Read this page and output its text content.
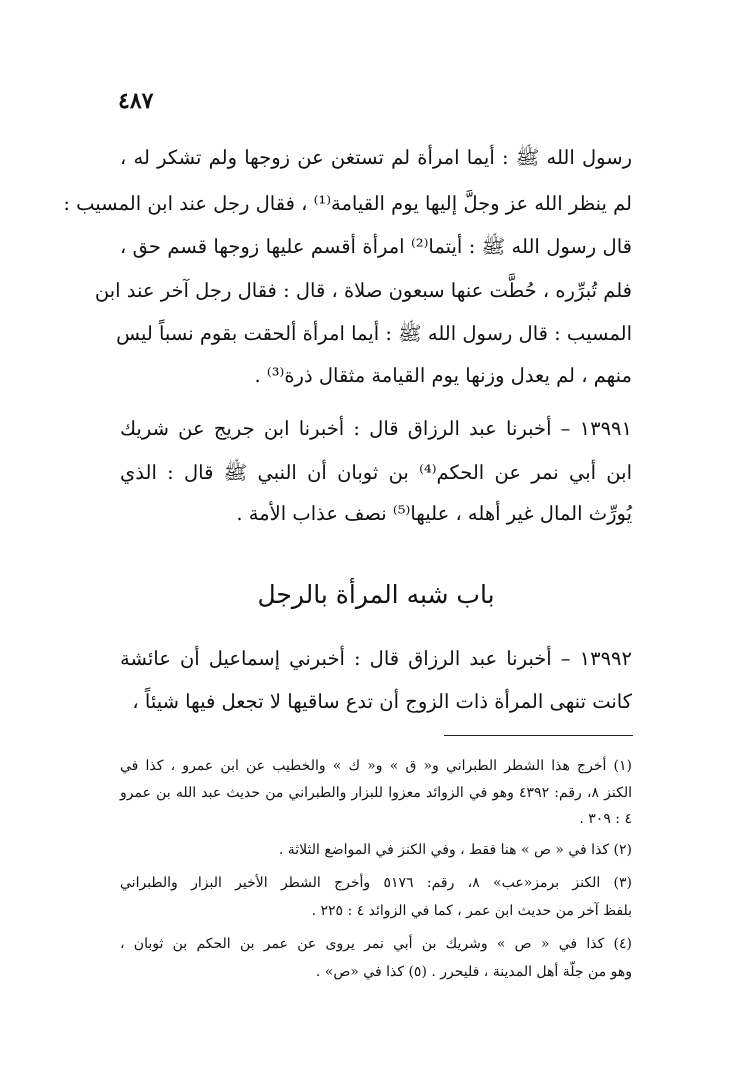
٤٨٧
رسول الله ﷺ : أيما امرأة لم تستغن عن زوجها ولم تشكر له ،
لم ينظر الله عز وجلَّ إليها يوم القيامة⁽¹⁾ ، فقال رجل عند ابن المسيب :
قال رسول الله ﷺ : أيتما⁽²⁾ امرأة أقسم عليها زوجها قسم حق ،
فلم تُبرِّره ، حُطَّت عنها سبعون صلاة ، قال : فقال رجل آخر عند ابن
المسيب : قال رسول الله ﷺ : أيما امرأة ألحقت بقوم نسباً ليس
منهم ، لم يعدل وزنها يوم القيامة مثقال ذرة⁽³⁾ .
١٣٩٩١ – أخبرنا عبد الرزاق قال : أخبرنا ابن جريج عن شريك
ابن أبي نمر عن الحكم⁽⁴⁾ بن ثوبان أن النبي ﷺ قال : الذي
يُورِّث المال غير أهله ، عليها⁽⁵⁾ نصف عذاب الأمة .
باب شبه المرأة بالرجل
١٣٩٩٢ – أخبرنا عبد الرزاق قال : أخبرني إسماعيل أن عائشة
كانت تنهى المرأة ذات الزوج أن تدع ساقيها لا تجعل فيها شيئاً ،
(١) أخرج هذا الشطر الطبراني و« ق » و« ك » والخطيب عن ابن عمرو ، كذا في
الكنز ٨، رقم: ٤٣٩٢ وهو في الزوائد معزوا للبزار والطبراني من حديث عبد الله بن عمرو
٤ : ٣٠٩ .
(٢) كذا في « ص » هنا فقط ، وفي الكنز في المواضع الثلاثة .
(٣) الكنز برمز«عب» ٨، رقم: ٥١٧٦ وأخرج الشطر الأخير البزار والطبراني
بلفظ آخر من حديث ابن عمر ، كما في الزوائد ٤ : ٢٢٥ .
(٤) كذا في « ص » وشريك بن أبي نمر يروى عن عمر بن الحكم بن ثوبان ،
وهو من جلّة أهل المدينة ، فليحرر . (٥) كذا في «ص» .
